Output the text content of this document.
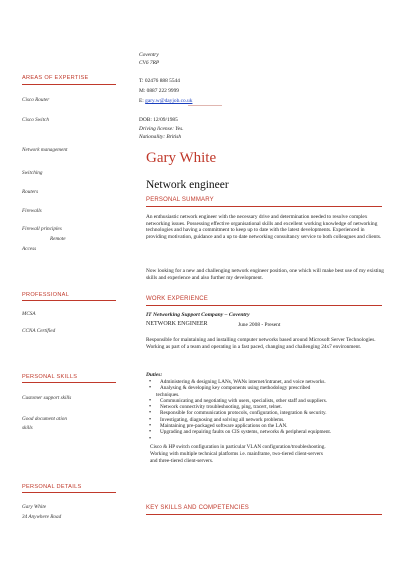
Coventry
CV6 7RP
T: 02476 888 5544
M: 0887 222 9999
E: gary.w@dayjob.co.uk
DOB: 12/09/1985
Driving license: Yes.
Nationality: British
Gary White
Network engineer
AREAS OF EXPERTISE
Cisco Router
Cisco Switch
Network management
Switching
Routers
Firewalls
Firewall principles
Remote
Access
PROFESSIONAL
MCSA
CCNA Certified
PERSONAL SKILLS
Customer support skills
Good document ation
skills
PERSONAL DETAILS
Gary White
34 Anywhere Road
PERSONAL SUMMARY
An enthusiastic network engineer with the necessary drive and determination needed to resolve complex networking issues. Possessing effective organisational skills and excellent working knowledge of networking technologies and having a commitment to keep up to date with the latest developments. Experienced in providing motivation, guidance and a up to date networking consultancy service to both colleagues and clients.
Now looking for a new and challenging network engineer position, one which will make best use of my existing skills and experience and also further my development.
WORK EXPERIENCE
IT Networking Support Company – Coventry
NETWORK ENGINEER	June 2008 - Present
Responsible for maintaining and installing computer networks based around Microsoft Server Technologies. Working as part of a team and operating in a fast paced, changing and challenging 24x7 environment.
Duties:
• Administering & designing LANs, WANs internet/intranet, and voice networks.
• Analysing & developing key components using methodology prescribed
techniques.
• Communicating and negotiating with users, specialists, other staff and suppliers.
• Network connectivity troubleshooting, ping, tracert, telnet.
• Responsible for communication protocols, configuration, integration & security.
• Investigating, diagnosing and solving all network problems.
• Maintaining pre-packaged software applications on the LAN.
• Upgrading and repairing faults on CIS systems, networks & peripheral equipment.
Cisco & HP switch configuration in particular VLAN configuration/troubleshooting.
Working with multiple technical platforms i.e. mainframe, two-tiered client-servers
and three-tiered client-servers.
KEY SKILLS AND COMPETENCIES
